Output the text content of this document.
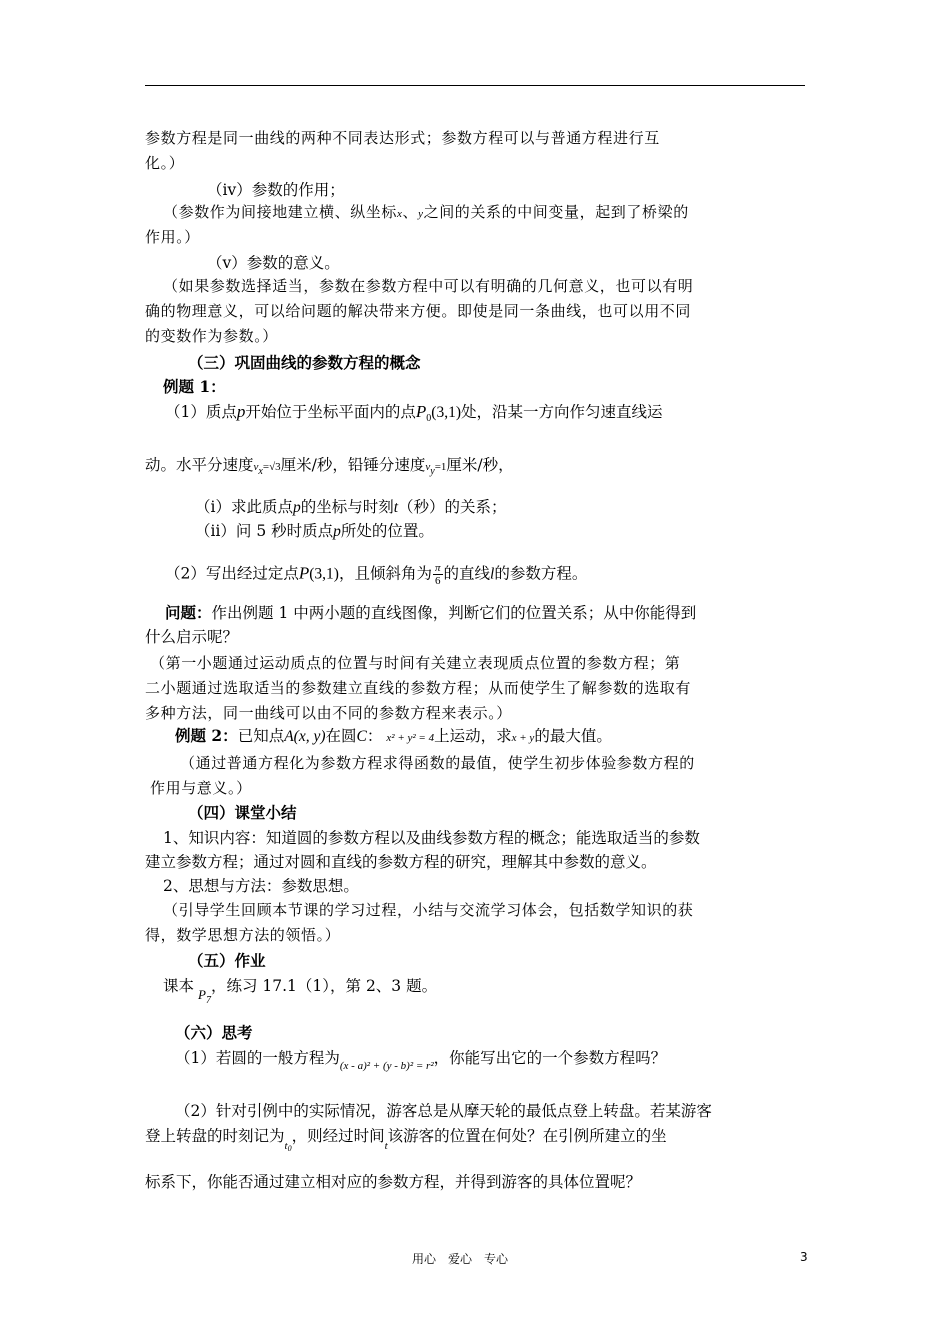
参数方程是同一曲线的两种不同表达形式；参数方程可以与普通方程进行互
化。）
（ⅳ）参数的作用；
（参数作为间接地建立横、纵坐标x、y之间的关系的中间变量，起到了桥梁的
作用。）
（ⅴ）参数的意义。
（如果参数选择适当，参数在参数方程中可以有明确的几何意义，也可以有明
确的物理意义，可以给问题的解决带来方便。即使是同一条曲线，也可以用不同
的变数作为参数。）
（三）巩固曲线的参数方程的概念
例题 1：
（1）质点p开始位于坐标平面内的点$P_0(3,1)$处，沿某一方向作匀速直线运
动。水平分速度$v_x=√3$厘米/秒，铅锤分速度$v_y=1$厘米/秒，
（ⅰ）求此质点p的坐标与时刻t（秒）的关系；
（ⅱ）问 5 秒时质点p所处的位置。
（2）写出经过定点P(3,1)，且倾斜角为 $\frac{\pi}{6}$ 的直线l的参数方程。
问题：作出例题 1 中两小题的直线图像，判断它们的位置关系；从中你能得到
什么启示呢？
（第一小题通过运动质点的位置与时间有关建立表现质点位置的参数方程；第
二小题通过选取适当的参数建立直线的参数方程；从而使学生了解参数的选取有
多种方法，同一曲线可以由不同的参数方程来表示。）
例题 2：已知点A(x, y)在圆C： x² + y² = 4上运动，求x + y的最大值。
（通过普通方程化为参数方程求得函数的最值，使学生初步体验参数方程的
作用与意义。）
（四）课堂小结
1、知识内容：知道圆的参数方程以及曲线参数方程的概念；能选取适当的参数
建立参数方程；通过对圆和直线的参数方程的研究，理解其中参数的意义。
2、思想与方法：参数思想。
（引导学生回顾本节课的学习过程，小结与交流学习体会，包括数学知识的获
得，数学思想方法的领悟。）
（五）作业
课本 $_{P7}$，练习 17.1（1），第 2、3 题。
（六）思考
（1）若圆的一般方程为$_{(x - a)^2 + (y - b)^2 = r^2}$，你能写出它的一个参数方程吗？
（2）针对引例中的实际情况，游客总是从摩天轮的最低点登上转盘。若某游客
登上转盘的时刻记为$_{t0}$，则经过时间$_t$该游客的位置在何处？在引例所建立的坐
标系下，你能否通过建立相对应的参数方程，并得到游客的具体位置呢？
用心　爱心　专心	3
